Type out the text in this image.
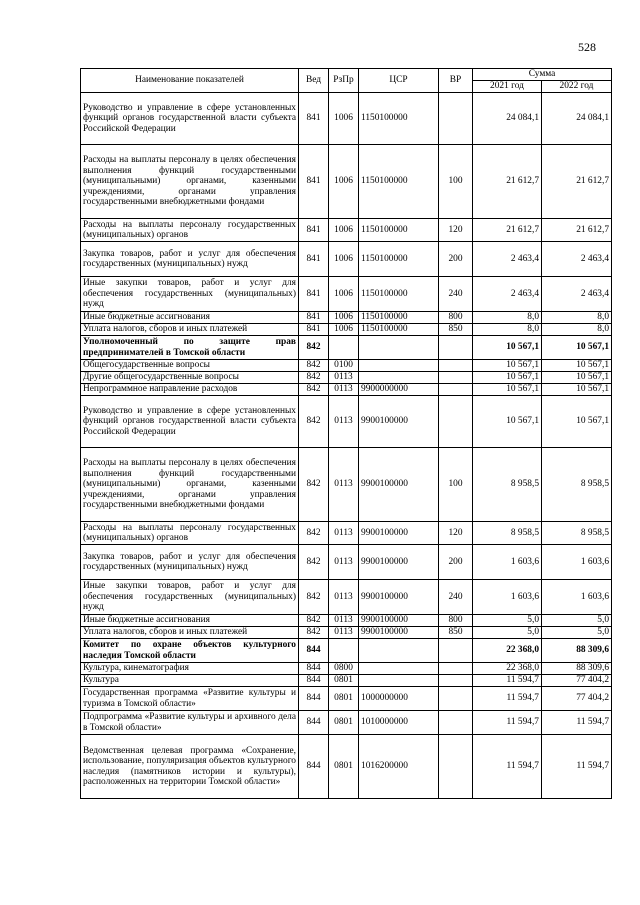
528
Наименование показателей	Вед	РзПр	ЦСР	ВР	Сумма	
					2021 год	2022 год
Руководство и управление в сфере установленных функций органов государственной власти субъекта Российской Федерации	841	1006	1150100000		24 084,1	24 084,1
Расходы на выплаты персоналу в целях обеспечения выполнения функций государственными (муниципальными) органами, казенными учреждениями, органами управления государственными внебюджетными фондами	841	1006	1150100000	100	21 612,7	21 612,7
Расходы на выплаты персоналу государственных (муниципальных) органов	841	1006	1150100000	120	21 612,7	21 612,7
Закупка товаров, работ и услуг для обеспечения государственных (муниципальных) нужд	841	1006	1150100000	200	2 463,4	2 463,4
Иные закупки товаров, работ и услуг для обеспечения государственных (муниципальных) нужд	841	1006	1150100000	240	2 463,4	2 463,4
Иные бюджетные ассигнования	841	1006	1150100000	800	8,0	8,0
Уплата налогов, сборов и иных платежей	841	1006	1150100000	850	8,0	8,0
Уполномоченный по защите прав предпринимателей в Томской области	842				10 567,1	10 567,1
Общегосударственные вопросы	842	0100			10 567,1	10 567,1
Другие общегосударственные вопросы	842	0113			10 567,1	10 567,1
Непрограммное направление расходов	842	0113	9900000000		10 567,1	10 567,1
Руководство и управление в сфере установленных функций органов государственной власти субъекта Российской Федерации	842	0113	9900100000		10 567,1	10 567,1
Расходы на выплаты персоналу в целях обеспечения выполнения функций государственными (муниципальными) органами, казенными учреждениями, органами управления государственными внебюджетными фондами	842	0113	9900100000	100	8 958,5	8 958,5
Расходы на выплаты персоналу государственных (муниципальных) органов	842	0113	9900100000	120	8 958,5	8 958,5
Закупка товаров, работ и услуг для обеспечения государственных (муниципальных) нужд	842	0113	9900100000	200	1 603,6	1 603,6
Иные закупки товаров, работ и услуг для обеспечения государственных (муниципальных) нужд	842	0113	9900100000	240	1 603,6	1 603,6
Иные бюджетные ассигнования	842	0113	9900100000	800	5,0	5,0
Уплата налогов, сборов и иных платежей	842	0113	9900100000	850	5,0	5,0
Комитет по охране объектов культурного наследия Томской области	844				22 368,0	88 309,6
Культура, кинематография	844	0800			22 368,0	88 309,6
Культура	844	0801			11 594,7	77 404,2
Государственная программа «Развитие культуры и туризма в Томской области»	844	0801	1000000000		11 594,7	77 404,2
Подпрограмма «Развитие культуры и архивного дела в Томской области»	844	0801	1010000000		11 594,7	11 594,7
Ведомственная целевая программа «Сохранение, использование, популяризация объектов культурного наследия (памятников истории и культуры), расположенных на территории Томской области»	844	0801	1016200000		11 594,7	11 594,7
